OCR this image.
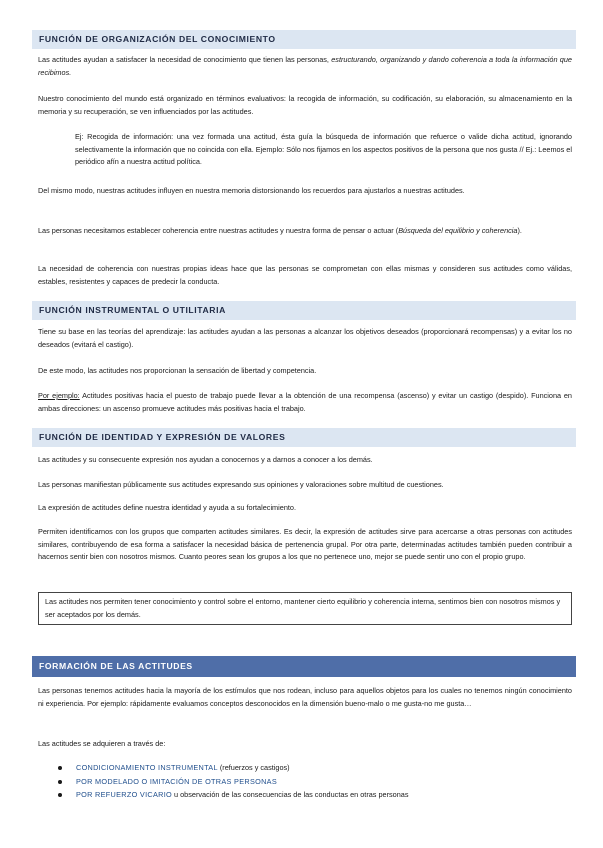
FUNCIÓN DE ORGANIZACIÓN DEL CONOCIMIENTO
Las actitudes ayudan a satisfacer la necesidad de conocimiento que tienen las personas, estructurando, organizando y dando coherencia a toda la información que recibimos.
Nuestro conocimiento del mundo está organizado en términos evaluativos: la recogida de información, su codificación, su elaboración, su almacenamiento en la memoria y su recuperación, se ven influenciados por las actitudes.
Ej: Recogida de información: una vez formada una actitud, ésta guía la búsqueda de información que refuerce o valide dicha actitud, ignorando selectivamente la información que no coincida con ella. Ejemplo: Sólo nos fijamos en los aspectos positivos de la persona que nos gusta // Ej.: Leemos el periódico afín a nuestra actitud política.
Del mismo modo, nuestras actitudes influyen en nuestra memoria distorsionando los recuerdos para ajustarlos a nuestras actitudes.
Las personas necesitamos establecer coherencia entre nuestras actitudes y nuestra forma de pensar o actuar (Búsqueda del equilibrio y coherencia).
La necesidad de coherencia con nuestras propias ideas hace que las personas se comprometan con ellas mismas y consideren sus actitudes como válidas, estables, resistentes y capaces de predecir la conducta.
FUNCIÓN INSTRUMENTAL O UTILITARIA
Tiene su base en las teorías del aprendizaje: las actitudes ayudan a las personas a alcanzar los objetivos deseados (proporcionará recompensas) y a evitar los no deseados (evitará el castigo).
De este modo, las actitudes nos proporcionan la sensación de libertad y competencia.
Por ejemplo: Actitudes positivas hacia el puesto de trabajo puede llevar a la obtención de una recompensa (ascenso) y evitar un castigo (despido). Funciona en ambas direcciones: un ascenso promueve actitudes más positivas hacia el trabajo.
FUNCIÓN DE IDENTIDAD Y EXPRESIÓN DE VALORES
Las actitudes y su consecuente expresión nos ayudan a conocernos y a darnos a conocer a los demás.
Las personas manifiestan públicamente sus actitudes expresando sus opiniones y valoraciones sobre multitud de cuestiones.
La expresión de actitudes define nuestra identidad y ayuda a su fortalecimiento.
Permiten identificarnos con los grupos que comparten actitudes similares. Es decir, la expresión de actitudes sirve para acercarse a otras personas con actitudes similares, contribuyendo de esa forma a satisfacer la necesidad básica de pertenencia grupal. Por otra parte, determinadas actitudes también pueden contribuir a hacernos sentir bien con nosotros mismos. Cuanto peores sean los grupos a los que no pertenece uno, mejor se puede sentir uno con el propio grupo.
Las actitudes nos permiten tener conocimiento y control sobre el entorno, mantener cierto equilibrio y coherencia interna, sentirnos bien con nosotros mismos y ser aceptados por los demás.
FORMACIÓN DE LAS ACTITUDES
Las personas tenemos actitudes hacia la mayoría de los estímulos que nos rodean, incluso para aquellos objetos para los cuales no tenemos ningún conocimiento ni experiencia. Por ejemplo: rápidamente evaluamos conceptos desconocidos en la dimensión bueno-malo o me gusta-no me gusta…
Las actitudes se adquieren a través de:
CONDICIONAMIENTO INSTRUMENTAL (refuerzos y castigos)
POR MODELADO O IMITACIÓN DE OTRAS PERSONAS
POR REFUERZO VICARIO u observación de las consecuencias de las conductas en otras personas
